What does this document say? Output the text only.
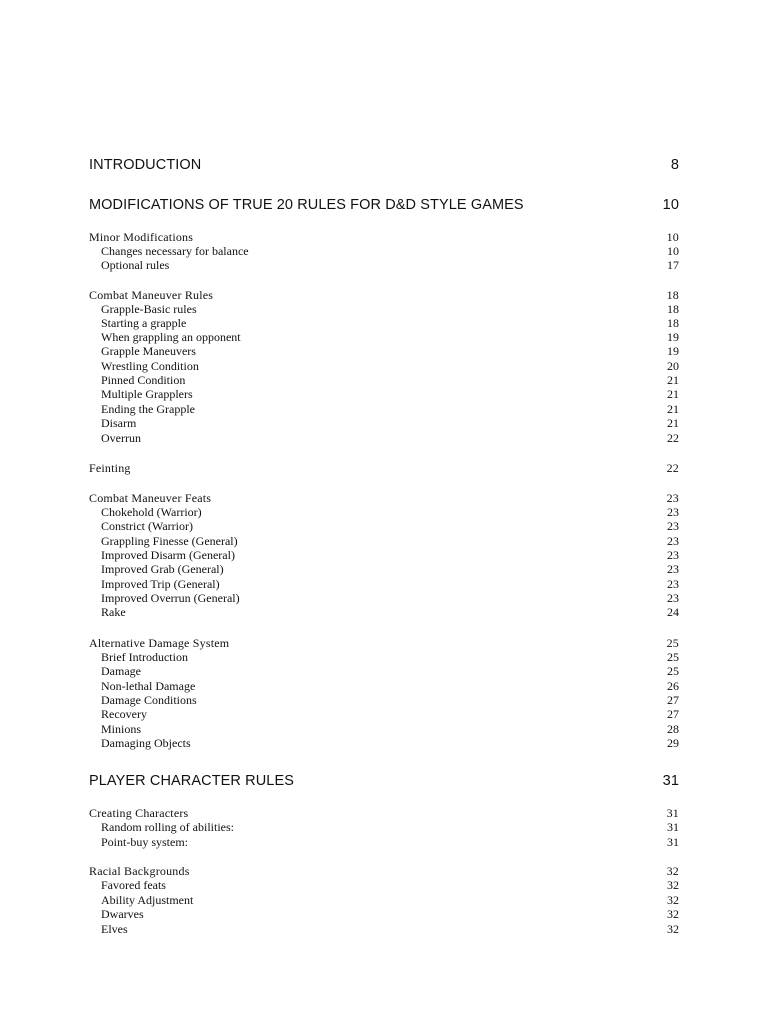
INTRODUCTION	8
MODIFICATIONS OF TRUE 20 RULES FOR D&D STYLE GAMES	10
Minor Modifications	10
Changes necessary for balance	10
Optional rules	17
Combat Maneuver Rules	18
Grapple-Basic rules	18
Starting a grapple	18
When grappling an opponent	19
Grapple Maneuvers	19
Wrestling Condition	20
Pinned Condition	21
Multiple Grapplers	21
Ending the Grapple	21
Disarm	21
Overrun	22
Feinting	22
Combat Maneuver Feats	23
Chokehold (Warrior)	23
Constrict (Warrior)	23
Grappling Finesse (General)	23
Improved Disarm (General)	23
Improved Grab (General)	23
Improved Trip (General)	23
Improved Overrun (General)	23
Rake	24
Alternative Damage System	25
Brief Introduction	25
Damage	25
Non-lethal Damage	26
Damage Conditions	27
Recovery	27
Minions	28
Damaging Objects	29
PLAYER CHARACTER RULES	31
Creating Characters	31
Random rolling of abilities:	31
Point-buy system:	31
Racial Backgrounds	32
Favored feats	32
Ability Adjustment	32
Dwarves	32
Elves	32
